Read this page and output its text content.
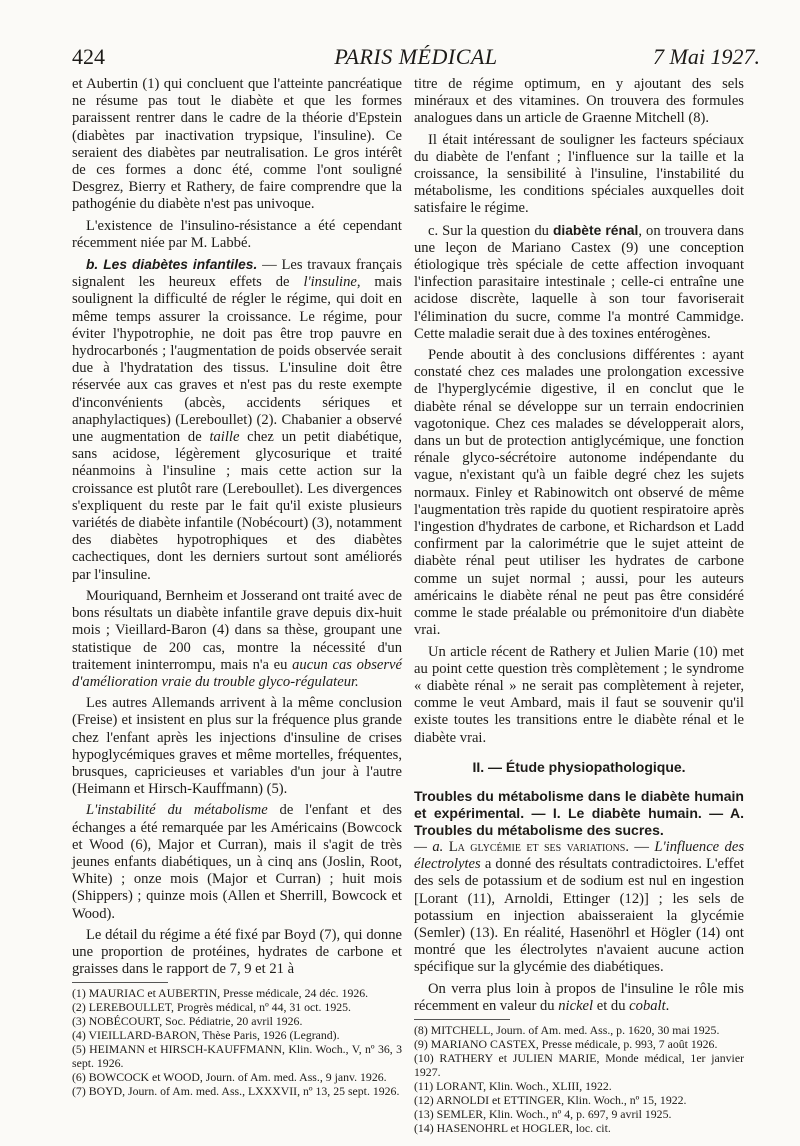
424	PARIS MÉDICAL	7 Mai 1927.

et Aubertin (1) qui concluent que l'atteinte pancréatique ne résume pas tout le diabète et que les formes paraissent rentrer dans le cadre de la théorie d'Epstein (diabètes par inactivation trypsique, l'insuline). Ce seraient des diabètes par neutralisation. Le gros intérêt de ces formes a donc été, comme l'ont souligné Desgrez, Bierry et Rathery, de faire comprendre que la pathogénie du diabète n'est pas univoque.

L'existence de l'insulino-résistance a été cependant récemment niée par M. Labbé.

b. Les diabètes infantiles. — Les travaux français signalent les heureux effets de l'insuline, mais soulignent la difficulté de régler le régime, qui doit en même temps assurer la croissance. Le régime, pour éviter l'hypotrophie, ne doit pas être trop pauvre en hydrocarbonés ; l'augmentation de poids observée serait due à l'hydratation des tissus. L'insuline doit être réservée aux cas graves et n'est pas du reste exempte d'inconvénients (abcès, accidents sériques et anaphylactiques) (Lereboullet) (2). Chabanier a observé une augmentation de taille chez un petit diabétique, sans acidose, légèrement glycosurique et traité néanmoins à l'insuline ; mais cette action sur la croissance est plutôt rare (Lereboullet). Les divergences s'expliquent du reste par le fait qu'il existe plusieurs variétés de diabète infantile (Nobécourt) (3), notamment des diabètes hypotrophiques et des diabètes cachectiques, dont les derniers surtout sont améliorés par l'insuline.

Mouriquand, Bernheim et Josserand ont traité avec de bons résultats un diabète infantile grave depuis dix-huit mois ; Vieillard-Baron (4) dans sa thèse, groupant une statistique de 200 cas, montre la nécessité d'un traitement ininterrompu, mais n'a eu aucun cas observé d'amélioration vraie du trouble glyco-régulateur.

Les autres Allemands arrivent à la même conclusion (Freise) et insistent en plus sur la fréquence plus grande chez l'enfant après les injections d'insuline de crises hypoglycémiques graves et même mortelles, fréquentes, brusques, capricieuses et variables d'un jour à l'autre (Heimann et Hirsch-Kauffmann) (5).

L'instabilité du métabolisme de l'enfant et des échanges a été remarquée par les Américains (Bowcock et Wood (6), Major et Curran), mais il s'agit de très jeunes enfants diabétiques, un à cinq ans (Joslin, Root, White) ; onze mois (Major et Curran) ; huit mois (Shippers) ; quinze mois (Allen et Sherrill, Bowcock et Wood).

Le détail du régime a été fixé par Boyd (7), qui donne une proportion de protéines, hydrates de carbone et graisses dans le rapport de 7, 9 et 21 à

(1) MAURIAC et AUBERTIN, Presse médicale, 24 déc. 1926.

(2) LEREBOULLET, Progrès médical, nº 44, 31 oct. 1925.

(3) NOBÉCOURT, Soc. Pédiatrie, 20 avril 1926.

(4) VIEILLARD-BARON, Thèse Paris, 1926 (Legrand).

(5) HEIMANN et HIRSCH-KAUFFMANN, Klin. Woch., V, nº 36, 3 sept. 1926.

(6) BOWCOCK et WOOD, Journ. of Am. med. Ass., 9 janv. 1926.

(7) BOYD, Journ. of Am. med. Ass., LXXXVII, nº 13, 25 sept. 1926.

titre de régime optimum, en y ajoutant des sels minéraux et des vitamines. On trouvera des formules analogues dans un article de Graenne Mitchell (8).

Il était intéressant de souligner les facteurs spéciaux du diabète de l'enfant ; l'influence sur la taille et la croissance, la sensibilité à l'insuline, l'instabilité du métabolisme, les conditions spéciales auxquelles doit satisfaire le régime.

c. Sur la question du diabète rénal, on trouvera dans une leçon de Mariano Castex (9) une conception étiologique très spéciale de cette affection invoquant l'infection parasitaire intestinale ; celle-ci entraîne une acidose discrète, laquelle à son tour favoriserait l'élimination du sucre, comme l'a montré Cammidge. Cette maladie serait due à des toxines entérogènes.

Pende aboutit à des conclusions différentes : ayant constaté chez ces malades une prolongation excessive de l'hyperglycémie digestive, il en conclut que le diabète rénal se développe sur un terrain endocrinien vagotonique. Chez ces malades se développerait alors, dans un but de protection antiglycémique, une fonction rénale glyco-sécrétoire autonome indépendante du vague, n'existant qu'à un faible degré chez les sujets normaux. Finley et Rabinowitch ont observé de même l'augmentation très rapide du quotient respiratoire après l'ingestion d'hydrates de carbone, et Richardson et Ladd confirment par la calorimétrie que le sujet atteint de diabète rénal peut utiliser les hydrates de carbone comme un sujet normal ; aussi, pour les auteurs américains le diabète rénal ne peut pas être considéré comme le stade préalable ou prémonitoire d'un diabète vrai.

Un article récent de Rathery et Julien Marie (10) met au point cette question très complètement ; le syndrome « diabète rénal » ne serait pas complètement à rejeter, comme le veut Ambard, mais il faut se souvenir qu'il existe toutes les transitions entre le diabète rénal et le diabète vrai.

II. — Étude physiopathologique.
Troubles du métabolisme dans le diabète humain et expérimental. — I. Le diabète humain. — A. Troubles du métabolisme des sucres.

— a. La glycémie et ses variations. — L'influence des électrolytes a donné des résultats contradictoires. L'effet des sels de potassium et de sodium est nul en ingestion [Lorant (11), Arnoldi, Ettinger (12)] ; les sels de potassium en injection abaisseraient la glycémie (Semler) (13). En réalité, Hasenöhrl et Högler (14) ont montré que les électrolytes n'avaient aucune action spécifique sur la glycémie des diabétiques.

On verra plus loin à propos de l'insuline le rôle mis récemment en valeur du nickel et du cobalt.

(8) MITCHELL, Journ. of Am. med. Ass., p. 1620, 30 mai 1925.

(9) MARIANO CASTEX, Presse médicale, p. 993, 7 août 1926.

(10) RATHERY et JULIEN MARIE, Monde médical, 1er janvier 1927.

(11) LORANT, Klin. Woch., XLIII, 1922.

(12) ARNOLDI et ETTINGER, Klin. Woch., nº 15, 1922.

(13) SEMLER, Klin. Woch., nº 4, p. 697, 9 avril 1925.

(14) HASENOHRL et HOGLER, loc. cit.
